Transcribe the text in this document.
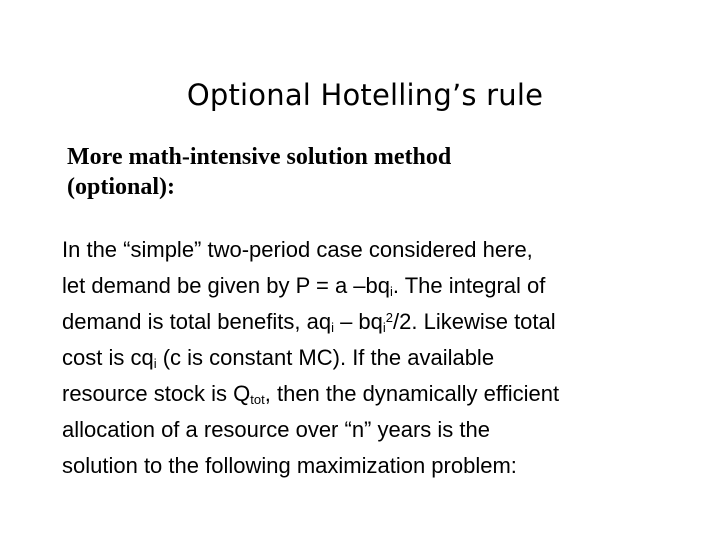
Optional Hotelling’s rule
More math-intensive solution method
(optional):
In the “simple” two-period case considered here,
let demand be given by P = a $-bq_i$. The integral of
demand is total benefits, $aq_i - bq_i^2/2$. Likewise total
cost is $cq_i$ (c is constant MC). If the available
resource stock is $Q_{tot}$, then the dynamically efficient
allocation of a resource over “n” years is the
solution to the following maximization problem:
